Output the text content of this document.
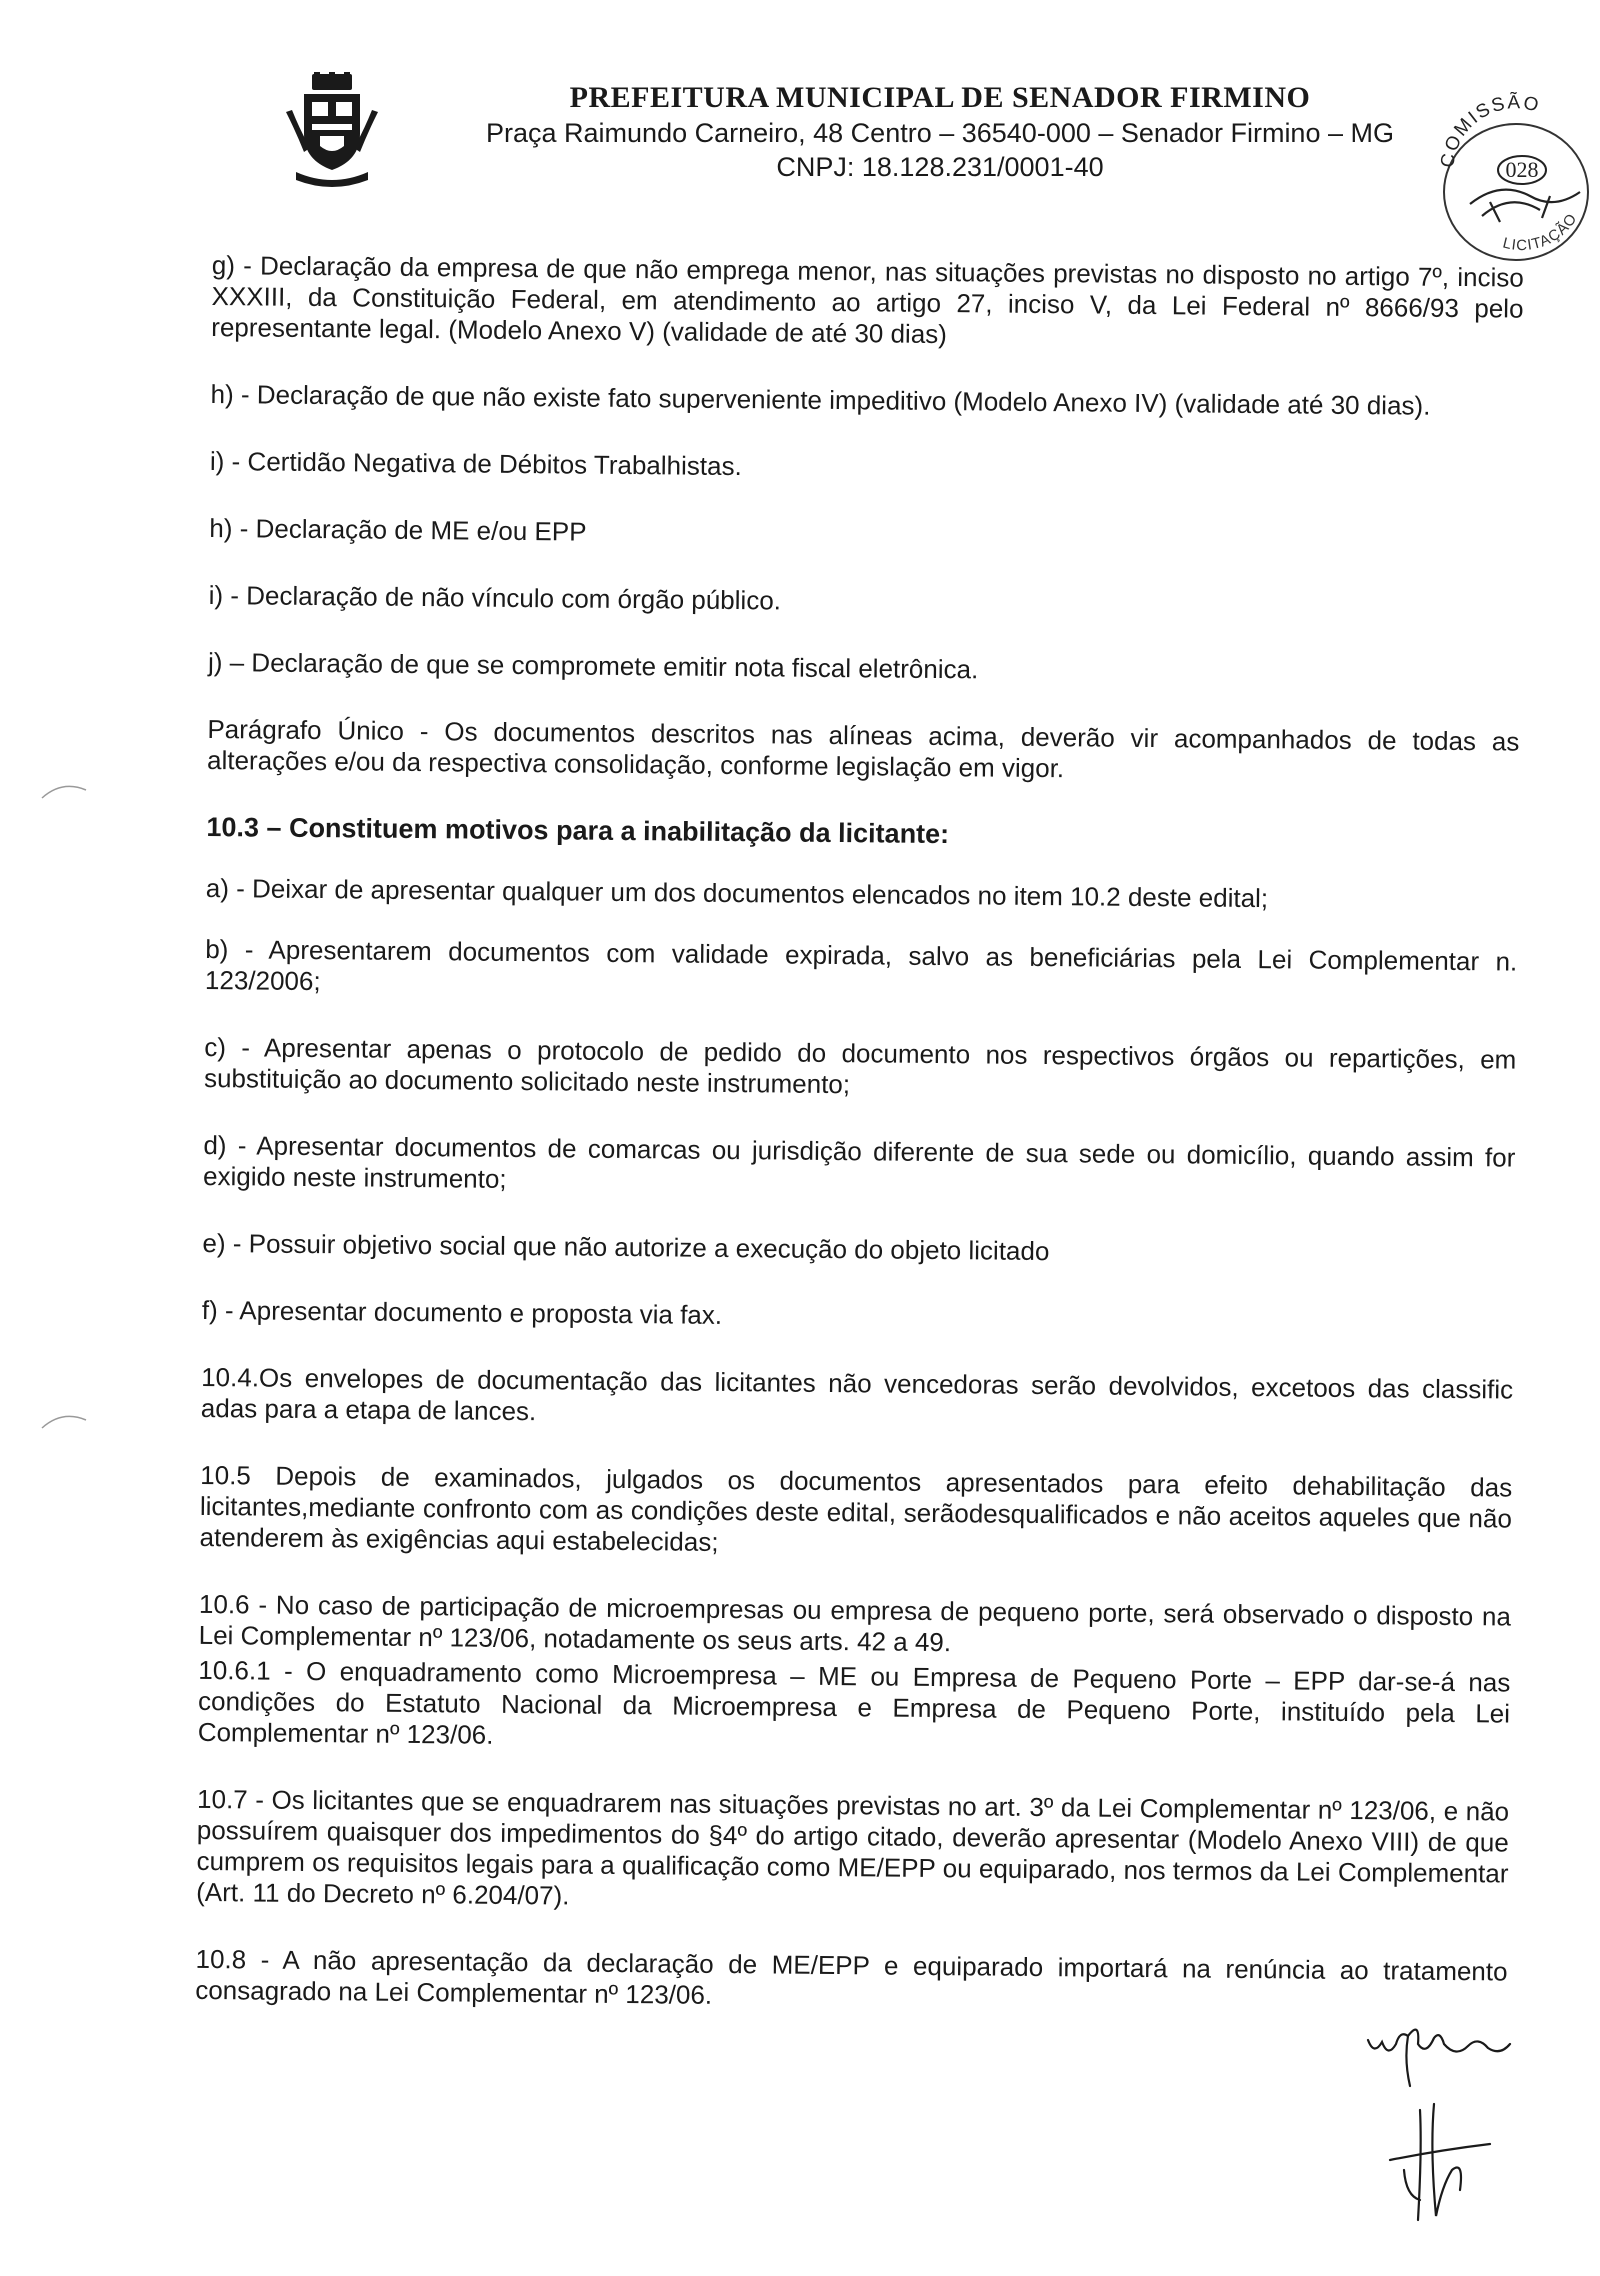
PREFEITURA MUNICIPAL DE SENADOR FIRMINO
Praça Raimundo Carneiro, 48 Centro – 36540-000 – Senador Firmino – MG
CNPJ: 18.128.231/0001-40	COMISSÃO
028
LICITAÇÃO

g) - Declaração da empresa de que não emprega menor, nas situações previstas no disposto no artigo 7º, inciso XXXIII, da Constituição Federal, em atendimento ao artigo 27, inciso V, da Lei Federal nº 8666/93 pelo representante legal. (Modelo Anexo V) (validade de até 30 dias)

h) - Declaração de que não existe fato superveniente impeditivo (Modelo Anexo IV) (validade até 30 dias).

i) - Certidão Negativa de Débitos Trabalhistas.

h) - Declaração de ME e/ou EPP

i) - Declaração de não vínculo com órgão público.

j) – Declaração de que se compromete emitir nota fiscal eletrônica.

Parágrafo Único - Os documentos descritos nas alíneas acima, deverão vir acompanhados de todas as alterações e/ou da respectiva consolidação, conforme legislação em vigor.

10.3 – Constituem motivos para a inabilitação da licitante:

a) - Deixar de apresentar qualquer um dos documentos elencados no item 10.2 deste edital;

b) - Apresentarem documentos com validade expirada, salvo as beneficiárias pela Lei Complementar n. 123/2006;

c) - Apresentar apenas o protocolo de pedido do documento nos respectivos órgãos ou repartições, em substituição ao documento solicitado neste instrumento;

d) - Apresentar documentos de comarcas ou jurisdição diferente de sua sede ou domicílio, quando assim for exigido neste instrumento;

e) - Possuir objetivo social que não autorize a execução do objeto licitado

f) - Apresentar documento e proposta via fax.

10.4.Os envelopes de documentação das licitantes não vencedoras serão devolvidos, excetoos das classific adas para a etapa de lances.

10.5 Depois de examinados, julgados os documentos apresentados para efeito dehabilitação das licitantes,mediante confronto com as condições deste edital, serãodesqualificados e não aceitos aqueles que não atenderem às exigências aqui estabelecidas;

10.6 - No caso de participação de microempresas ou empresa de pequeno porte, será observado o disposto na Lei Complementar nº 123/06, notadamente os seus arts. 42 a 49.

10.6.1 - O enquadramento como Microempresa – ME ou Empresa de Pequeno Porte – EPP dar-se-á nas condições do Estatuto Nacional da Microempresa e Empresa de Pequeno Porte, instituído pela Lei Complementar nº 123/06.

10.7 - Os licitantes que se enquadrarem nas situações previstas no art. 3º da Lei Complementar nº 123/06, e não possuírem quaisquer dos impedimentos do §4º do artigo citado, deverão apresentar (Modelo Anexo VIII) de que cumprem os requisitos legais para a qualificação como ME/EPP ou equiparado, nos termos da Lei Complementar (Art. 11 do Decreto nº 6.204/07).

10.8 - A não apresentação da declaração de ME/EPP e equiparado importará na renúncia ao tratamento consagrado na Lei Complementar nº 123/06.
